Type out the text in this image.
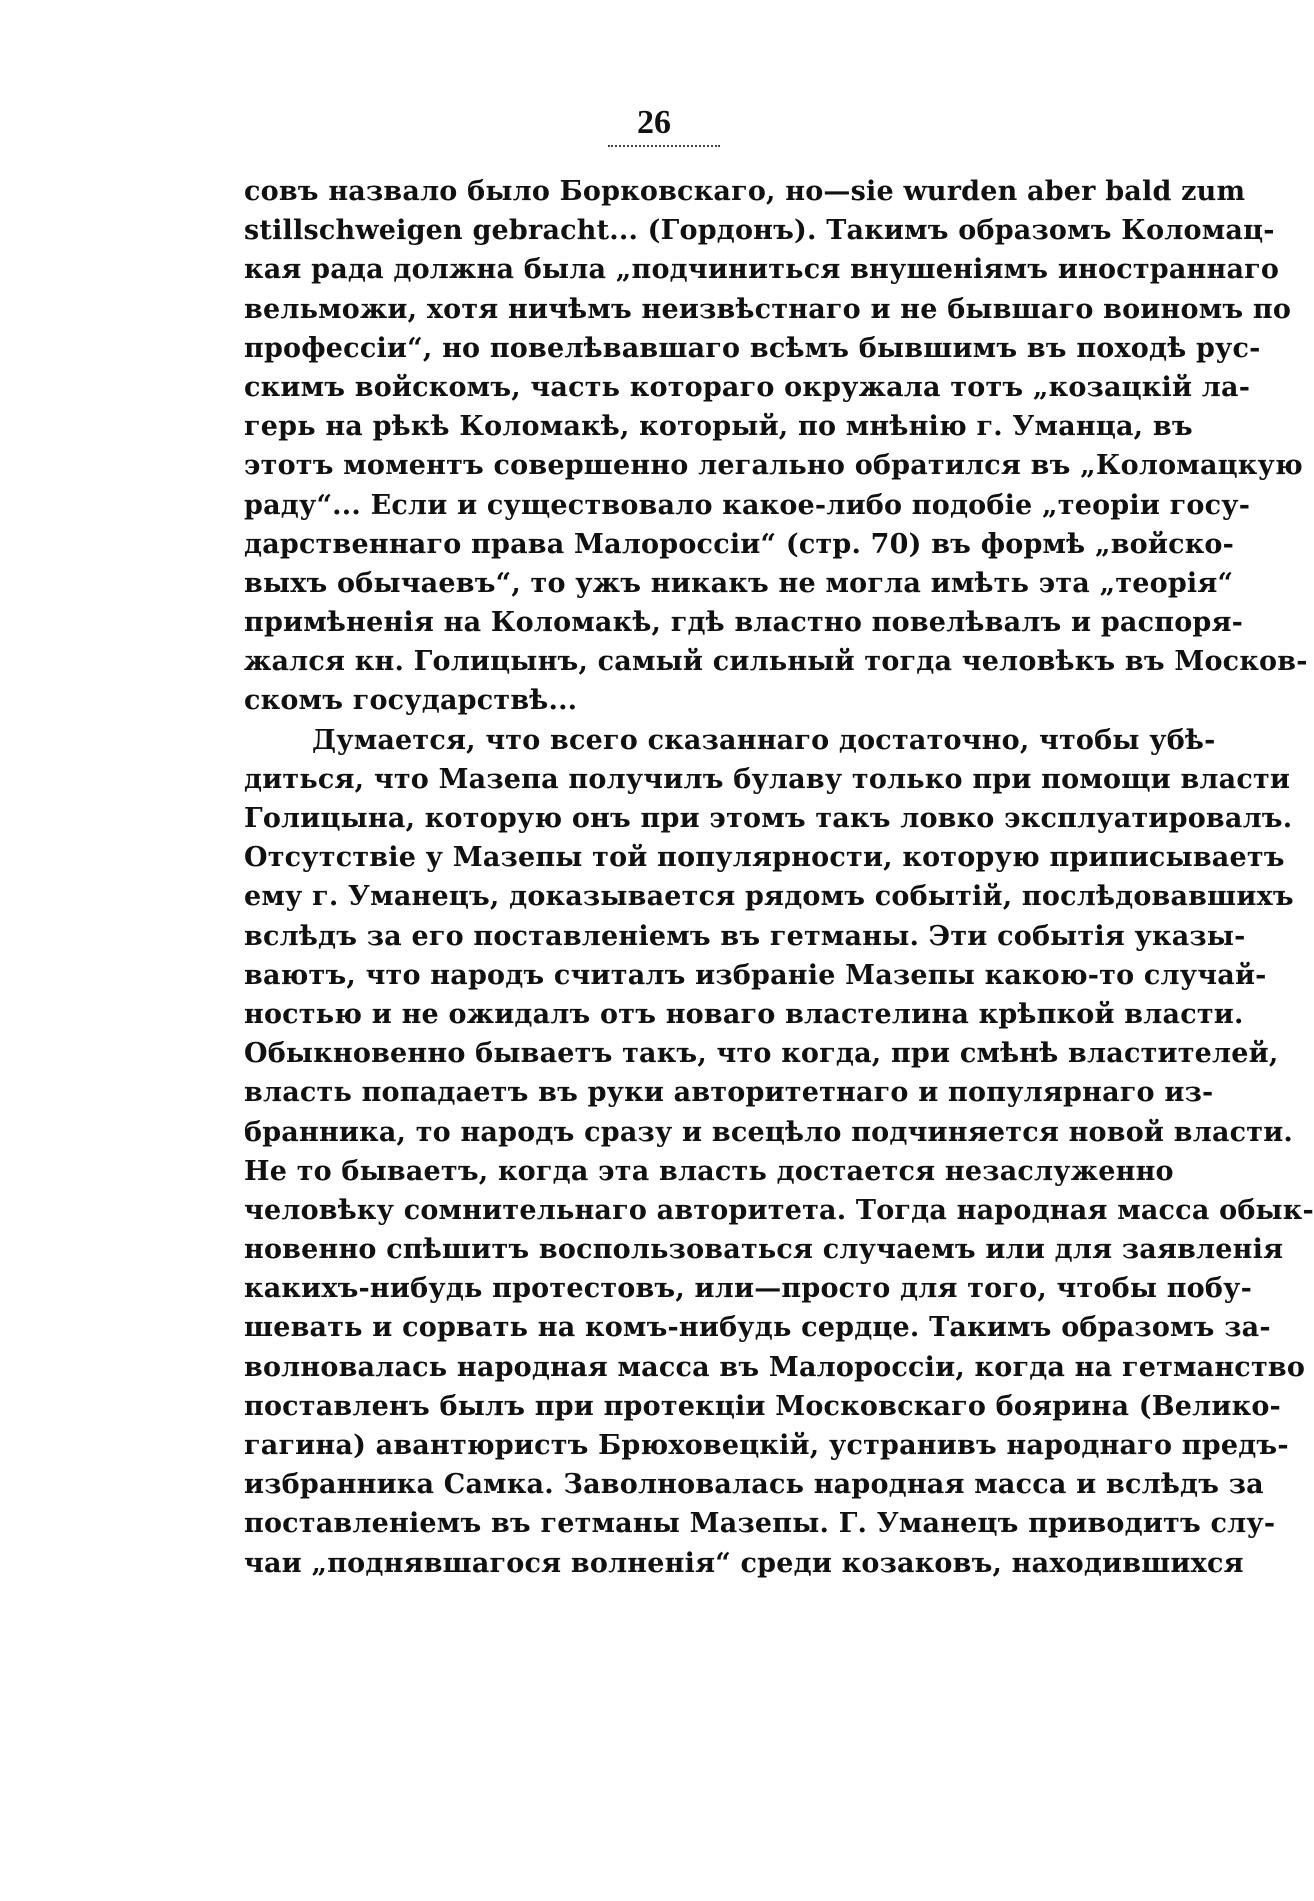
26
совъ назвало было Борковскаго, но—sie wurden aber bald zum
stillschweigen gebracht... (Гордонъ). Такимъ образомъ Коломац-
кая рада должна была „подчиниться внушеніямъ иностраннаго
вельможи, хотя ничѣмъ неизвѣстнаго и не бывшаго воиномъ по
профессіи“, но повелѣвавшаго всѣмъ бывшимъ въ походѣ рус-
скимъ войскомъ, часть котораго окружала тотъ „козацкій ла-
герь на рѣкѣ Коломакѣ, который, по мнѣнію г. Уманца, въ
этотъ моментъ совершенно легально обратился въ „Коломацкую
раду“... Если и существовало какое-либо подобіе „теоріи госу-
дарственнаго права Малороссіи“ (стр. 70) въ формѣ „войско-
выхъ обычаевъ“, то ужъ никакъ не могла имѣть эта „теорія“
примѣненія на Коломакѣ, гдѣ властно повелѣвалъ и распоря-
жался кн. Голицынъ, самый сильный тогда человѣкъ въ Москов-
скомъ государствѣ...
Думается, что всего сказаннаго достаточно, чтобы убѣ-
диться, что Мазепа получилъ булаву только при помощи власти
Голицына, которую онъ при этомъ такъ ловко эксплуатировалъ.
Отсутствіе у Мазепы той популярности, которую приписываетъ
ему г. Уманецъ, доказывается рядомъ событій, послѣдовавшихъ
вслѣдъ за его поставленіемъ въ гетманы. Эти событія указы-
ваютъ, что народъ считалъ избраніе Мазепы какою-то случай-
ностью и не ожидалъ отъ новаго властелина крѣпкой власти.
Обыкновенно бываетъ такъ, что когда, при смѣнѣ властителей,
власть попадаетъ въ руки авторитетнаго и популярнаго из-
бранника, то народъ сразу и всецѣло подчиняется новой власти.
Не то бываетъ, когда эта власть достается незаслуженно
человѣку сомнительнаго авторитета. Тогда народная масса обык-
новенно спѣшитъ воспользоваться случаемъ или для заявленія
какихъ-нибудь протестовъ, или—просто для того, чтобы побу-
шевать и сорвать на комъ-нибудь сердце. Такимъ образомъ за-
волновалась народная масса въ Малороссіи, когда на гетманство
поставленъ былъ при протекціи Московскаго боярина (Велико-
гагина) авантюристъ Брюховецкій, устранивъ народнаго предъ-
избранника Самка. Заволновалась народная масса и вслѣдъ за
поставленіемъ въ гетманы Мазепы. Г. Уманецъ приводитъ слу-
чаи „поднявшагося волненія“ среди козаковъ, находившихся
